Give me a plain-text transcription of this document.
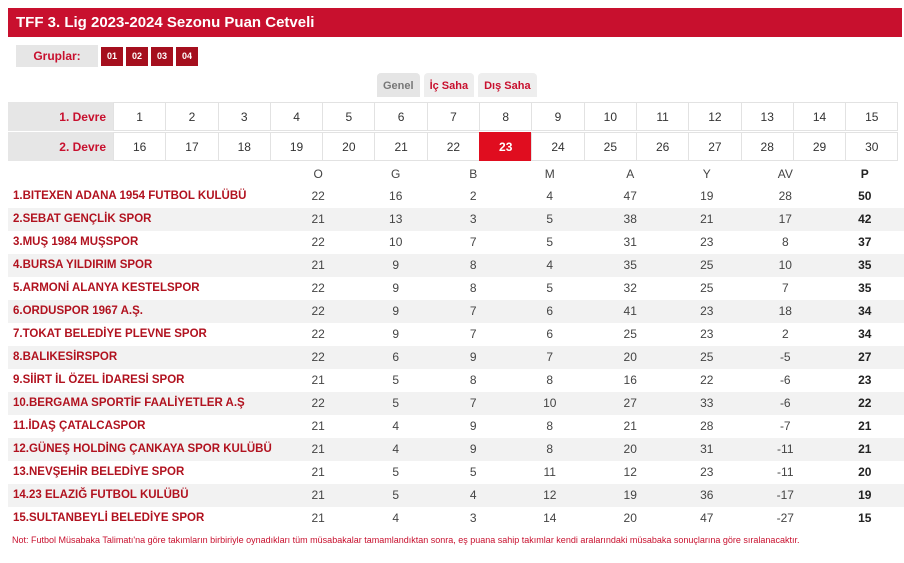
TFF 3. Lig 2023-2024 Sezonu Puan Cetveli
Gruplar:	01	02	03	04
Genel	İç Saha	Dış Saha
1. Devre	1	2	3	4	5	6	7	8	9	10	11	12	13	14	15
2. Devre	16	17	18	19	20	21	22	23	24	25	26	27	28	29	30
O	G	B	M	A	Y	AV	P
1.BITEXEN ADANA 1954 FUTBOL KULÜBÜ	22	16	2	4	47	19	28	50
2.SEBAT GENÇLİK SPOR	21	13	3	5	38	21	17	42
3.MUŞ 1984 MUŞSPOR	22	10	7	5	31	23	8	37
4.BURSA YILDIRIM SPOR	21	9	8	4	35	25	10	35
5.ARMONİ ALANYA KESTELSPOR	22	9	8	5	32	25	7	35
6.ORDUSPOR 1967 A.Ş.	22	9	7	6	41	23	18	34
7.TOKAT BELEDİYE PLEVNE SPOR	22	9	7	6	25	23	2	34
8.BALIKESİRSPOR	22	6	9	7	20	25	-5	27
9.SİİRT İL ÖZEL İDARESİ SPOR	21	5	8	8	16	22	-6	23
10.BERGAMA SPORTİF FAALİYETLER A.Ş	22	5	7	10	27	33	-6	22
11.İDAŞ ÇATALCASPOR	21	4	9	8	21	28	-7	21
12.GÜNEŞ HOLDİNG ÇANKAYA SPOR KULÜBÜ	21	4	9	8	20	31	-11	21
13.NEVŞEHİR BELEDİYE SPOR	21	5	5	11	12	23	-11	20
14.23 ELAZIĞ FUTBOL KULÜBÜ	21	5	4	12	19	36	-17	19
15.SULTANBEYLİ BELEDİYE SPOR	21	4	3	14	20	47	-27	15
Not: Futbol Müsabaka Talimatı'na göre takımların birbiriyle oynadıkları tüm müsabakalar tamamlandıktan sonra, eş puana sahip takımlar kendi aralarındaki müsabaka sonuçlarına göre sıralanacaktır.
